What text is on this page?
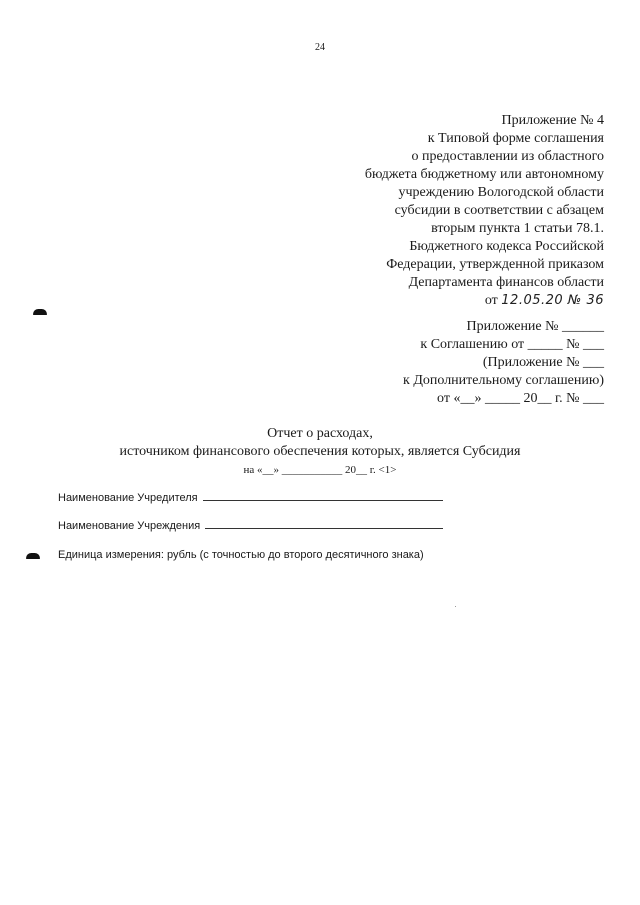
24
Приложение № 4
к Типовой форме соглашения
о предоставлении из областного
бюджета бюджетному или автономному
учреждению Вологодской области
субсидии в соответствии с абзацем
вторым пункта 1 статьи 78.1.
Бюджетного кодекса Российской
Федерации, утвержденной приказом
Департамента финансов области
от 12.05.20 № 36
Приложение № ______
к Соглашению от _____ № ___
(Приложение № ___
к Дополнительному соглашению)
от «__» _____ 20__ г. № ___
Отчет о расходах,
источником финансового обеспечения которых, является Субсидия
на «__» ___________ 20__ г. <1>
Наименование Учредителя
Наименование Учреждения
Единица измерения: рубль (с точностью до второго десятичного знака)
